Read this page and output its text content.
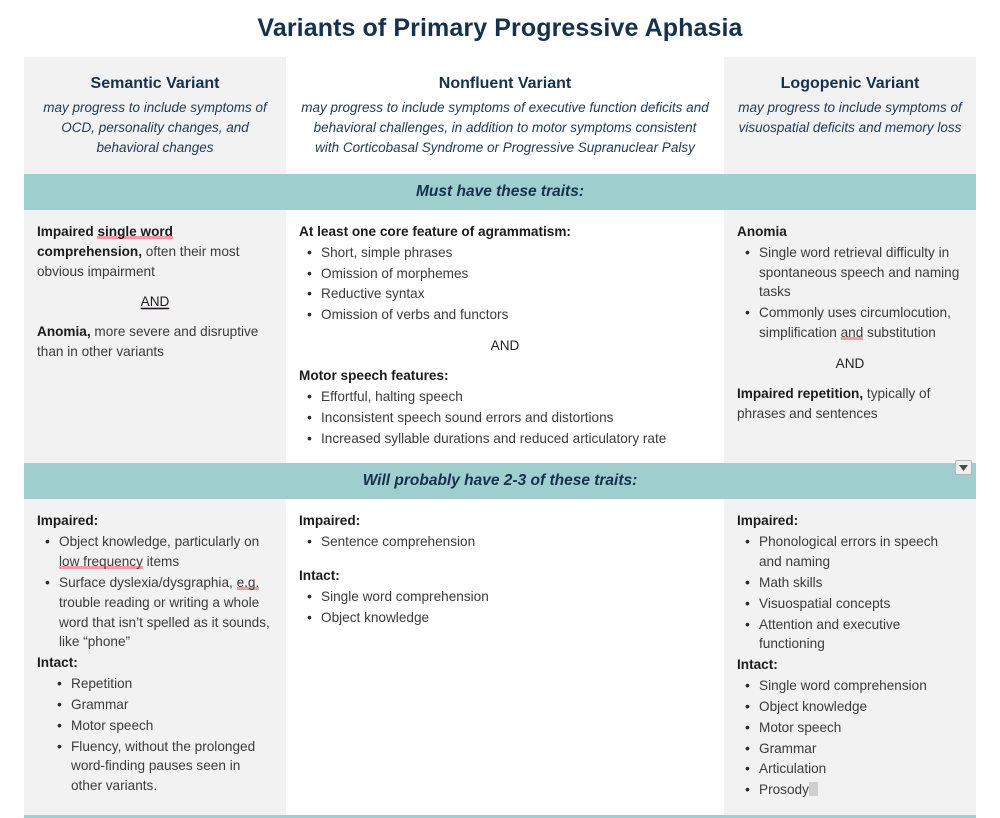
Variants of Primary Progressive Aphasia
Semantic Variant
may progress to include symptoms of OCD, personality changes, and behavioral changes
Nonfluent Variant
may progress to include symptoms of executive function deficits and behavioral challenges, in addition to motor symptoms consistent with Corticobasal Syndrome or Progressive Supranuclear Palsy
Logopenic Variant
may progress to include symptoms of visuospatial deficits and memory loss
Must have these traits:

Impaired single word comprehension, often their most obvious impairment

AND

Anomia, more severe and disruptive than in other variants

At least one core feature of agrammatism:

• Short, simple phrases
• Omission of morphemes
• Reductive syntax
• Omission of verbs and functors
AND

Motor speech features:

• Effortful, halting speech
• Inconsistent speech sound errors and distortions
• Increased syllable durations and reduced articulatory rate

Anomia

• Single word retrieval difficulty in spontaneous speech and naming tasks
• Commonly uses circumlocution, simplification and substitution
AND

Impaired repetition, typically of phrases and sentences

Will probably have 2-3 of these traits:

Impaired:

• Object knowledge, particularly on low frequency items
• Surface dyslexia/dysgraphia, e.g. trouble reading or writing a whole word that isn’t spelled as it sounds, like “phone”

Intact:

• Repetition
• Grammar
• Motor speech
• Fluency, without the prolonged word-finding pauses seen in other variants.

Impaired:

• Sentence comprehension

Intact:

• Single word comprehension
• Object knowledge

Impaired:

• Phonological errors in speech and naming
• Math skills
• Visuospatial concepts
• Attention and executive functioning

Intact:

• Single word comprehension
• Object knowledge
• Motor speech
• Grammar
• Articulation
• Prosody
